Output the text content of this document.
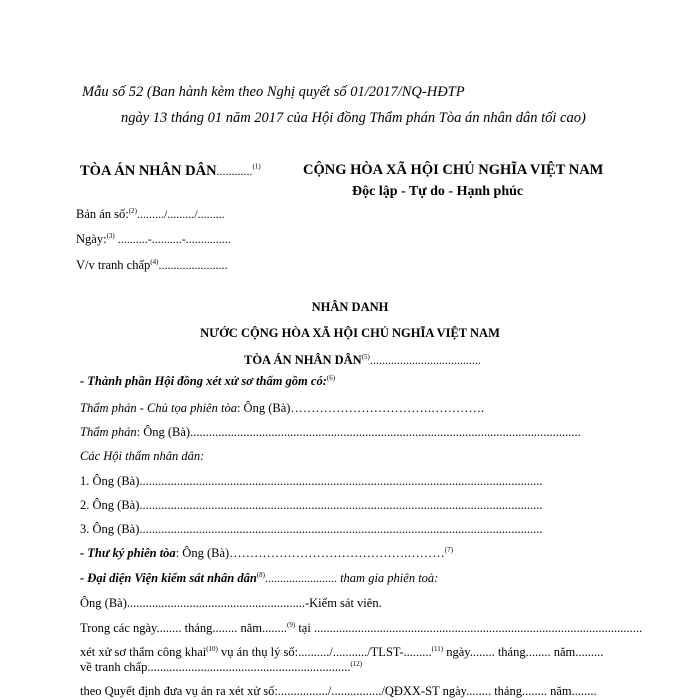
Mẫu số 52 (Ban hành kèm theo Nghị quyết số 01/2017/NQ-HĐTP
ngày 13 tháng 01 năm 2017 của Hội đồng Thẩm phán Tòa án nhân dân tối cao)
TÒA ÁN NHÂN DÂN............$^{(1)}$	CỘNG HÒA XÃ HỘI CHỦ NGHĨA VIỆT NAM
Độc lập - Tự do - Hạnh phúc
Bản án số:$^{(2)}$........./........./.........
Ngày:$^{(3)}$ ..........-..........-...............
V/v tranh chấp$^{(4)}$.......................
NHÂN DANH
NƯỚC CỘNG HÒA XÃ HỘI CHỦ NGHĨA VIỆT NAM
TÒA ÁN NHÂN DÂN$^{(5)}$.....................................
- Thành phần Hội đồng xét xử sơ thẩm gồm có:$^{(6)}$
Thẩm phán - Chủ tọa phiên tòa: Ông (Bà)…………………………….………….
Thẩm phán: Ông (Bà).............................................................................................................................
Các Hội thẩm nhân dân:
1. Ông (Bà).................................................................................................................................
2. Ông (Bà).................................................................................................................................
3. Ông (Bà).................................................................................................................................
- Thư ký phiên tòa: Ông (Bà)…………………………………….………$^{(7)}$
- Đại diện Viện kiểm sát nhân dân$^{(8)}$........................ tham gia phiên toà:
Ông (Bà).........................................................-Kiểm sát viên.
Trong các ngày........ tháng........ năm........$^{(9)}$ tại .........................................................................................................
xét xử sơ thẩm công khai$^{(10)}$ vụ án thụ lý số:........../.........../TLST-.........$^{(11)}$ ngày........ tháng........ năm.........
về tranh chấp.................................................................$^{(12)}$
theo Quyết định đưa vụ án ra xét xử số:................/................/QĐXX-ST ngày........ tháng........ năm........
